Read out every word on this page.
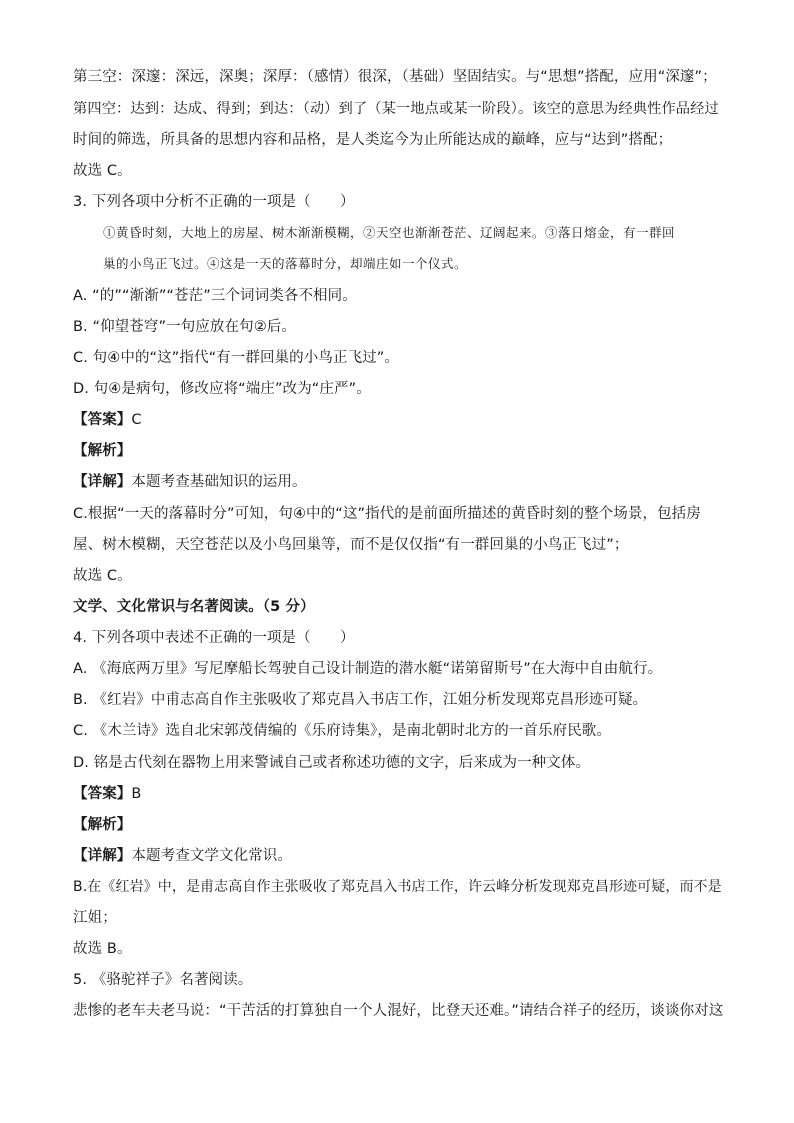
第三空：深邃：深远，深奥；深厚：（感情）很深，（基础）坚固结实。与“思想”搭配，应用“深邃”；
第四空：达到：达成、得到；到达：（动）到了（某一地点或某一阶段）。该空的意思为经典性作品经过
时间的筛选，所具备的思想内容和品格，是人类迄今为止所能达成的巅峰，应与“达到”搭配；
故选 C。
3. 下列各项中分析不正确的一项是（　　）
①黄昏时刻，大地上的房屋、树木渐渐模糊，②天空也渐渐苍茫、辽阔起来。③落日熔金，有一群回
巢的小鸟正飞过。④这是一天的落幕时分，却端庄如一个仪式。
A. “的”“渐渐”“苍茫”三个词词类各不相同。
B. “仰望苍穹”一句应放在句②后。
C. 句④中的“这”指代“有一群回巢的小鸟正飞过”。
D. 句④是病句，修改应将“端庄”改为“庄严”。
【答案】C
【解析】
【详解】本题考查基础知识的运用。
C.根据“一天的落幕时分”可知，句④中的“这”指代的是前面所描述的黄昏时刻的整个场景，包括房
屋、树木模糊，天空苍茫以及小鸟回巢等，而不是仅仅指“有一群回巢的小鸟正飞过”；
故选 C。
文学、文化常识与名著阅读。（5 分）
4. 下列各项中表述不正确的一项是（　　）
A. 《海底两万里》写尼摩船长驾驶自己设计制造的潜水艇“诺第留斯号”在大海中自由航行。
B. 《红岩》中甫志高自作主张吸收了郑克昌入书店工作，江姐分析发现郑克昌形迹可疑。
C. 《木兰诗》选自北宋郭茂倩编的《乐府诗集》，是南北朝时北方的一首乐府民歌。
D. 铭是古代刻在器物上用来警诫自己或者称述功德的文字，后来成为一种文体。
【答案】B
【解析】
【详解】本题考查文学文化常识。
B.在《红岩》中，是甫志高自作主张吸收了郑克昌入书店工作，许云峰分析发现郑克昌形迹可疑，而不是
江姐；
故选 B。
5. 《骆驼祥子》名著阅读。
悲惨的老车夫老马说：“干苦活的打算独自一个人混好，比登天还难。”请结合祥子的经历，谈谈你对这
